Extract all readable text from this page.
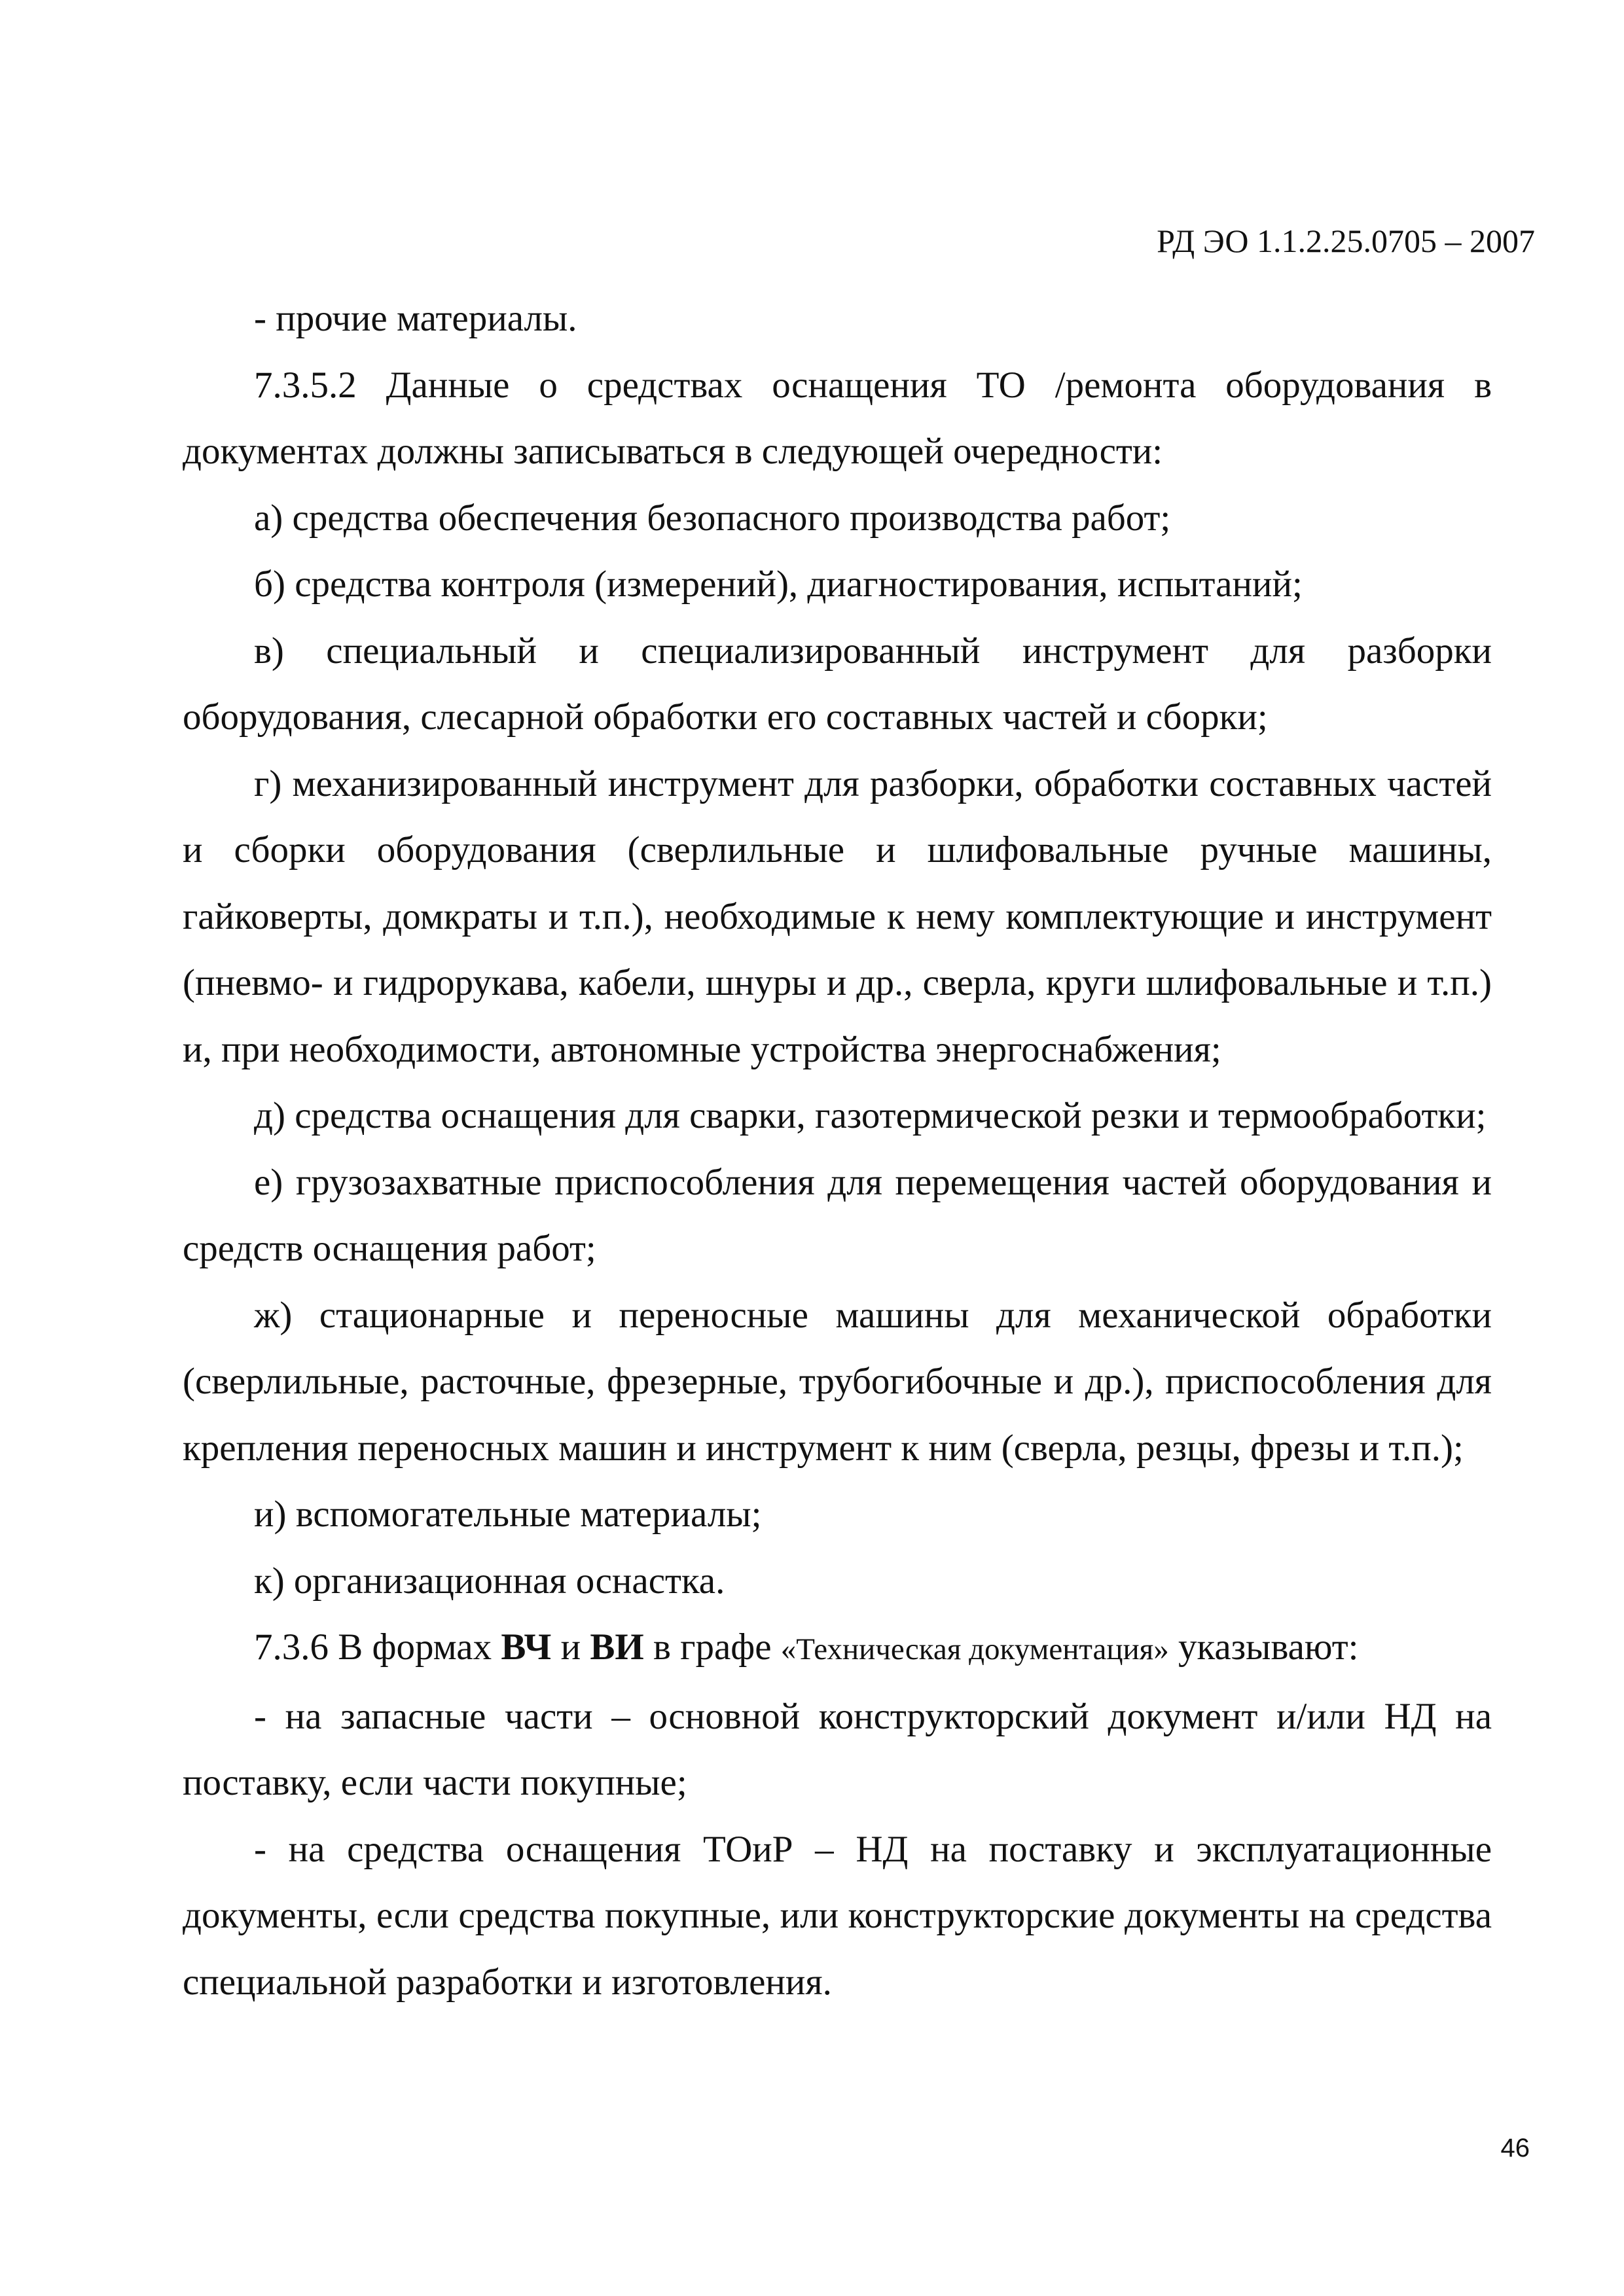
РД ЭО 1.1.2.25.0705 – 2007

- прочие материалы.

7.3.5.2 Данные о средствах оснащения ТО /ремонта оборудования в документах должны записываться в следующей очередности:

а) средства обеспечения безопасного производства работ;

б) средства контроля (измерений), диагностирования, испытаний;

в) специальный и специализированный инструмент для разборки оборудования, слесарной обработки его составных частей и сборки;

г) механизированный инструмент для разборки, обработки составных частей и сборки оборудования (сверлильные и шлифовальные ручные машины, гайковерты, домкраты и т.п.), необходимые к нему комплектующие и инструмент (пневмо- и гидрорукава, кабели, шнуры и др., сверла, круги шлифовальные и т.п.) и, при необходимости, автономные устройства энергоснабжения;

д) средства оснащения для сварки, газотермической резки и термообработки;

е) грузозахватные приспособления для перемещения частей оборудования и средств оснащения работ;

ж) стационарные и переносные машины для механической обработки (сверлильные, расточные, фрезерные, трубогибочные и др.), приспособления для крепления переносных машин и инструмент к ним (сверла, резцы, фрезы и т.п.);

и) вспомогательные материалы;

к) организационная оснастка.

7.3.6 В формах ВЧ и ВИ в графе «Техническая документация» указывают:

- на запасные части – основной конструкторский документ и/или НД на поставку, если части покупные;

- на средства оснащения ТОиР – НД на поставку и эксплуатационные документы, если средства покупные, или конструкторские документы на средства специальной разработки и изготовления.

46
